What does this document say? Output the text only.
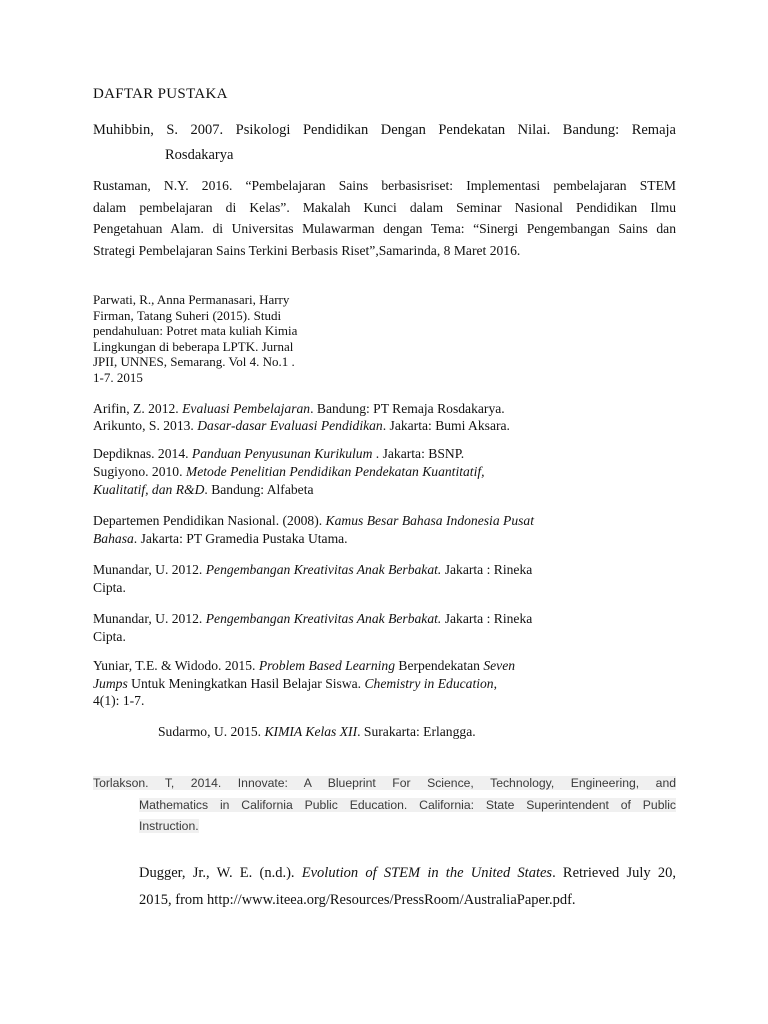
DAFTAR PUSTAKA

Muhibbin, S. 2007. Psikologi Pendidikan Dengan Pendekatan Nilai. Bandung: Remaja

Rosdakarya

Rustaman, N.Y. 2016. “Pembelajaran Sains berbasisriset: Implementasi pembelajaran STEM

dalam pembelajaran di Kelas”. Makalah Kunci dalam Seminar Nasional Pendidikan Ilmu

Pengetahuan Alam. di Universitas Mulawarman dengan Tema: “Sinergi Pengembangan Sains dan

Strategi Pembelajaran Sains Terkini Berbasis Riset”,Samarinda, 8 Maret 2016.

Parwati, R., Anna Permanasari, Harry

Firman, Tatang Suheri (2015). Studi

pendahuluan: Potret mata kuliah Kimia

Lingkungan di beberapa LPTK. Jurnal

JPII, UNNES, Semarang. Vol 4. No.1 .

1-7. 2015

Arifin, Z. 2012. Evaluasi Pembelajaran. Bandung: PT Remaja Rosdakarya.

Arikunto, S. 2013. Dasar-dasar Evaluasi Pendidikan. Jakarta: Bumi Aksara.

Depdiknas. 2014. Panduan Penyusunan Kurikulum . Jakarta: BSNP.

Sugiyono. 2010. Metode Penelitian Pendidikan Pendekatan Kuantitatif,

Kualitatif, dan R&D. Bandung: Alfabeta

Departemen Pendidikan Nasional. (2008). Kamus Besar Bahasa Indonesia Pusat

Bahasa. Jakarta: PT Gramedia Pustaka Utama.

Munandar, U. 2012. Pengembangan Kreativitas Anak Berbakat. Jakarta : Rineka

Cipta.

Munandar, U. 2012. Pengembangan Kreativitas Anak Berbakat. Jakarta : Rineka

Cipta.

Yuniar, T.E. & Widodo. 2015. Problem Based Learning Berpendekatan Seven

Jumps Untuk Meningkatkan Hasil Belajar Siswa. Chemistry in Education,

4(1): 1-7.

Sudarmo, U. 2015. KIMIA Kelas XII. Surakarta: Erlangga.

Torlakson. T, 2014. Innovate: A Blueprint For Science, Technology, Engineering, and

Mathematics in California Public Education. California: State Superintendent of Public

Instruction.

Dugger, Jr., W. E. (n.d.). Evolution of STEM in the United States. Retrieved July 20,

2015, from http://www.iteea.org/Resources/PressRoom/AustraliaPaper.pdf.
